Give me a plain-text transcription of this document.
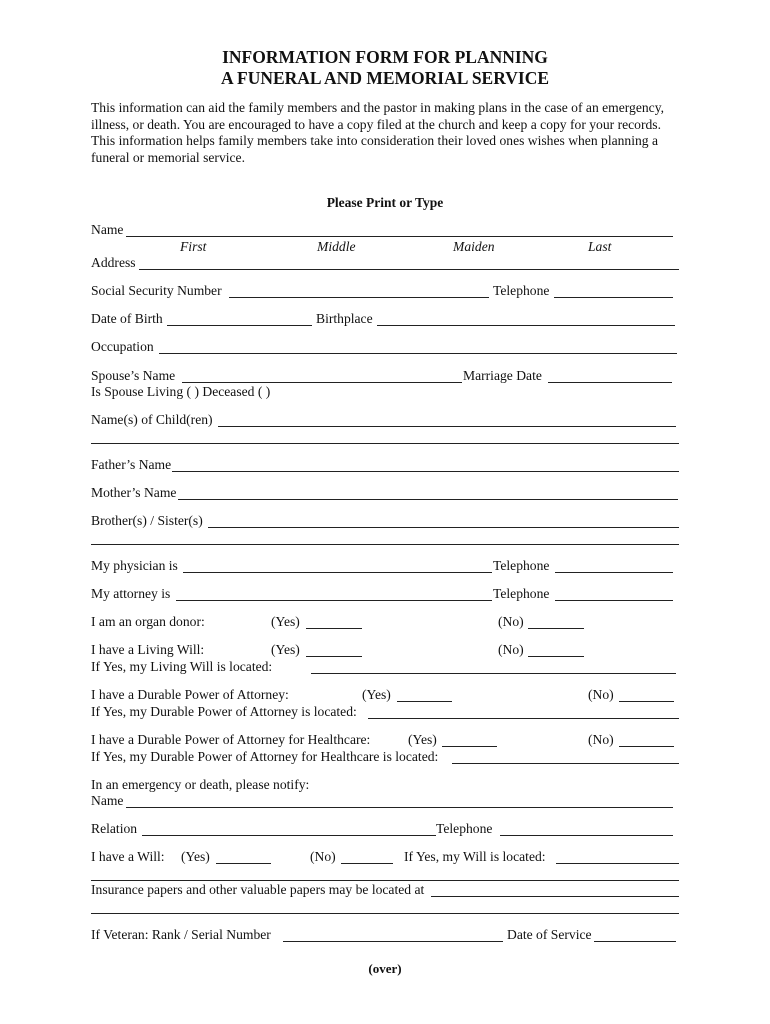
INFORMATION FORM FOR PLANNING
A FUNERAL AND MEMORIAL SERVICE
This information can aid the family members and the pastor in making plans in the case of an emergency, illness, or death. You are encouraged to have a copy filed at the church and keep a copy for your records. This information helps family members take into consideration their loved ones wishes when planning a funeral or memorial service.
Please Print or Type
Name
First	Middle	Maiden	Last
Address
Social Security Number	Telephone
Date of Birth	Birthplace
Occupation
Spouse’s Name	Marriage Date
Is Spouse Living ( ) Deceased ( )
Name(s) of Child(ren)
Father’s Name
Mother’s Name
Brother(s) / Sister(s)
My physician is	Telephone
My attorney is	Telephone
I am an organ donor:	(Yes)	(No)
I have a Living Will:	(Yes)	(No)
If Yes, my Living Will is located:
I have a Durable Power of Attorney:	(Yes)	(No)
If Yes, my Durable Power of Attorney is located:
I have a Durable Power of Attorney for Healthcare:	(Yes)	(No)
If Yes, my Durable Power of Attorney for Healthcare is located:
In an emergency or death, please notify:
Name
Relation	Telephone
I have a Will: (Yes)	(No)	If Yes, my Will is located:
Insurance papers and other valuable papers may be located at
If Veteran: Rank / Serial Number	Date of Service
(over)
